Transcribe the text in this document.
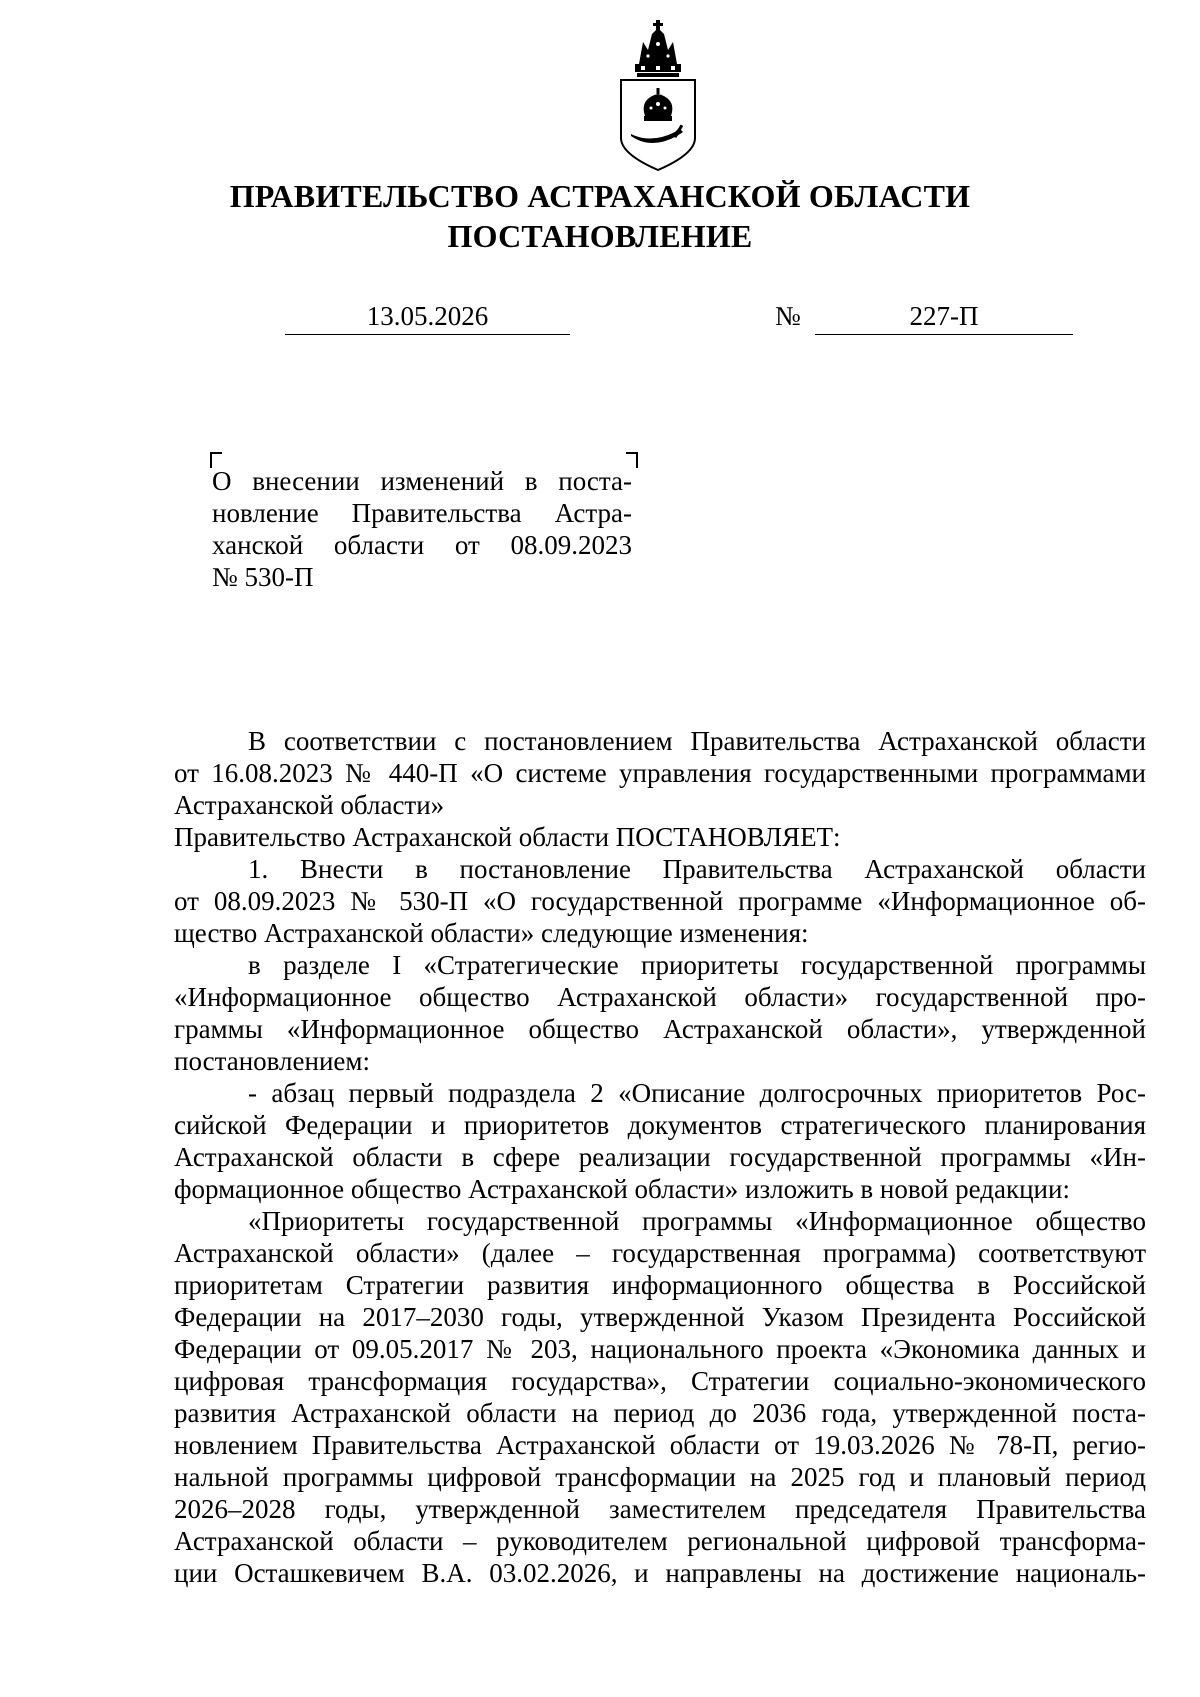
ПРАВИТЕЛЬСТВО АСТРАХАНСКОЙ ОБЛАСТИ
ПОСТАНОВЛЕНИЕ
13.05.2026	№	227-П
О внесении изменений в поста-
новление Правительства Астра-
ханской области от 08.09.2023
№ 530-П
В соответствии с постановлением Правительства Астраханской области
от 16.08.2023 № 440-П «О системе управления государственными программами
Астраханской области»
Правительство Астраханской области ПОСТАНОВЛЯЕТ:
1. Внести в постановление Правительства Астраханской области
от 08.09.2023 № 530-П «О государственной программе «Информационное об-
щество Астраханской области» следующие изменения:
в разделе I «Стратегические приоритеты государственной программы
«Информационное общество Астраханской области» государственной про-
граммы «Информационное общество Астраханской области», утвержденной
постановлением:
- абзац первый подраздела 2 «Описание долгосрочных приоритетов Рос-
сийской Федерации и приоритетов документов стратегического планирования
Астраханской области в сфере реализации государственной программы «Ин-
формационное общество Астраханской области» изложить в новой редакции:
«Приоритеты государственной программы «Информационное общество
Астраханской области» (далее – государственная программа) соответствуют
приоритетам Стратегии развития информационного общества в Российской
Федерации на 2017–2030 годы, утвержденной Указом Президента Российской
Федерации от 09.05.2017 № 203, национального проекта «Экономика данных и
цифровая трансформация государства», Стратегии социально-экономического
развития Астраханской области на период до 2036 года, утвержденной поста-
новлением Правительства Астраханской области от 19.03.2026 № 78-П, регио-
нальной программы цифровой трансформации на 2025 год и плановый период
2026–2028 годы, утвержденной заместителем председателя Правительства
Астраханской области – руководителем региональной цифровой трансформа-
ции Осташкевичем В.А. 03.02.2026, и направлены на достижение националь-
